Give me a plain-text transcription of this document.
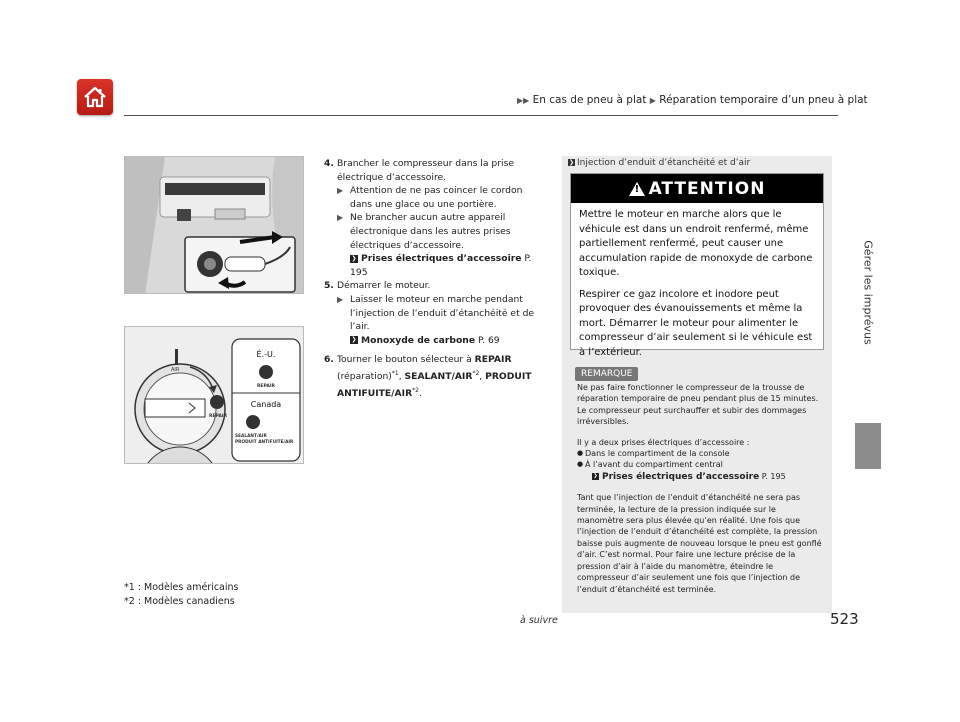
▶▶ En cas de pneu à plat ▶ Réparation temporaire d’un pneu à plat
Gérer les imprévus
AIR
REPAIR
É.-U.
REPAIR
Canada
SEALANT/AIR
PRODUIT ANTIFUITE/AIR
4. Brancher le compresseur dans la prise électrique d’accessoire.
▶ Attention de ne pas coincer le cordon dans une glace ou une portière.
▶ Ne brancher aucun autre appareil électronique dans les autres prises électriques d’accessoire.
❯ Prises électriques d’accessoire P. 195
5. Démarrer le moteur.
▶ Laisser le moteur en marche pendant l’injection de l’enduit d’étanchéité et de l’air.
❯ Monoxyde de carbone P. 69
6. Tourner le bouton sélecteur à REPAIR (réparation)$^{*1}$, SEALANT/AIR$^{*2}$, PRODUIT ANTIFUITE/AIR$^{*2}$.
*1 : Modèles américains
*2 : Modèles canadiens
❯ Injection d’enduit d’étanchéité et d’air
!
ATTENTION

Mettre le moteur en marche alors que le véhicule est dans un endroit renfermé, même partiellement renfermé, peut causer une accumulation rapide de monoxyde de carbone toxique.

Respirer ce gaz incolore et inodore peut provoquer des évanouissements et même la mort. Démarrer le moteur pour alimenter le compresseur d’air seulement si le véhicule est à l’extérieur.

REMARQUE

Ne pas faire fonctionner le compresseur de la trousse de réparation temporaire de pneu pendant plus de 15 minutes. Le compresseur peut surchauffer et subir des dommages irréversibles.

Il y a deux prises électriques d’accessoire :
● Dans le compartiment de la console
● À l’avant du compartiment central
❯ Prises électriques d’accessoire P. 195

Tant que l’injection de l’enduit d’étanchéité ne sera pas terminée, la lecture de la pression indiquée sur le manomètre sera plus élevée qu’en réalité. Une fois que l’injection de l’enduit d’étanchéité est complète, la pression baisse puis augmente de nouveau lorsque le pneu est gonflé d’air. C’est normal. Pour faire une lecture précise de la pression d’air à l’aide du manomètre, éteindre le compresseur d’air seulement une fois que l’injection de l’enduit d’étanchéité est terminée.

à suivre	523
